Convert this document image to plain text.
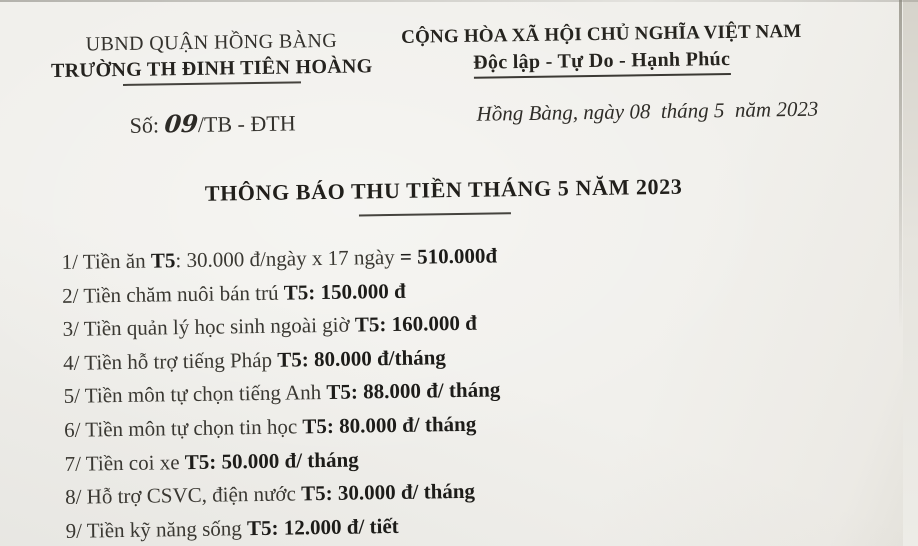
UBND QUẬN HỒNG BÀNG
TRƯỜNG TH ĐINH TIÊN HOÀNG
Số: 09/TB - ĐTH
CỘNG HÒA XÃ HỘI CHỦ NGHĨA VIỆT NAM
Độc lập - Tự Do - Hạnh Phúc
Hồng Bàng, ngày 08  tháng 5  năm 2023
THÔNG BÁO THU TIỀN THÁNG 5 NĂM 2023
1/ Tiền ăn T5: 30.000 đ/ngày x 17 ngày = 510.000đ
2/ Tiền chăm nuôi bán trú T5: 150.000 đ
3/ Tiền quản lý học sinh ngoài giờ T5: 160.000 đ
4/ Tiền hỗ trợ tiếng Pháp T5: 80.000 đ/tháng
5/ Tiền môn tự chọn tiếng Anh T5: 88.000 đ/ tháng
6/ Tiền môn tự chọn tin học T5: 80.000 đ/ tháng
7/ Tiền coi xe T5: 50.000 đ/ tháng
8/ Hỗ trợ CSVC, điện nước T5: 30.000 đ/ tháng
9/ Tiền kỹ năng sống T5: 12.000 đ/ tiết
